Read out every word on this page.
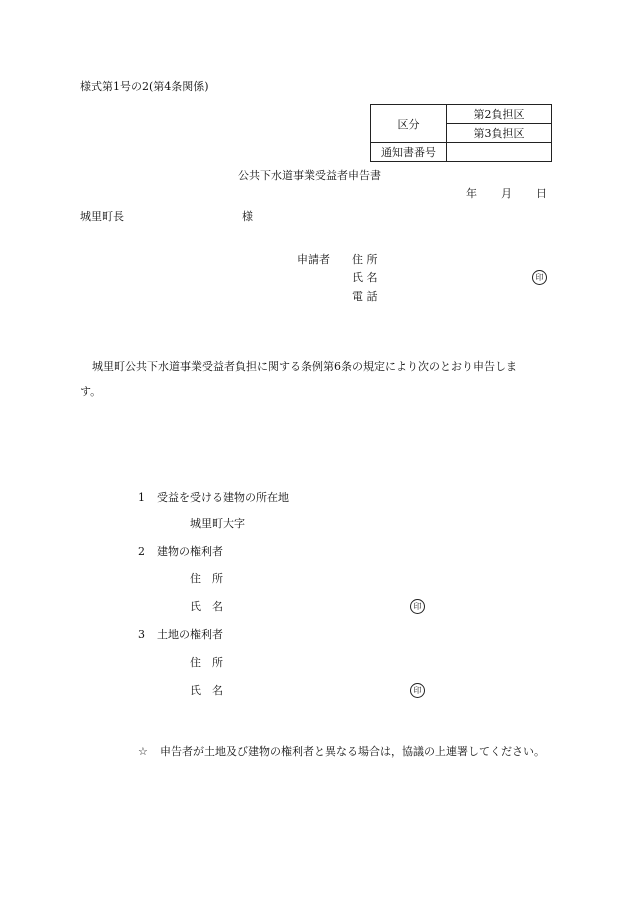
様式第1号の2(第4条関係)
区分	第2負担区
	第3負担区
通知書番号	
公共下水道事業受益者申告書
年 月 日
城里町長	様
申請者 住 所
氏 名	印
電 話
城里町公共下水道事業受益者負担に関する条例第6条の規定により次のとおり申告しま
す。
1 受益を受ける建物の所在地
城里町大字
2 建物の権利者
住　所
氏　名	印
3 土地の権利者
住　所
氏　名	印
☆ 申告者が土地及び建物の権利者と異なる場合は，協議の上連署してください。
